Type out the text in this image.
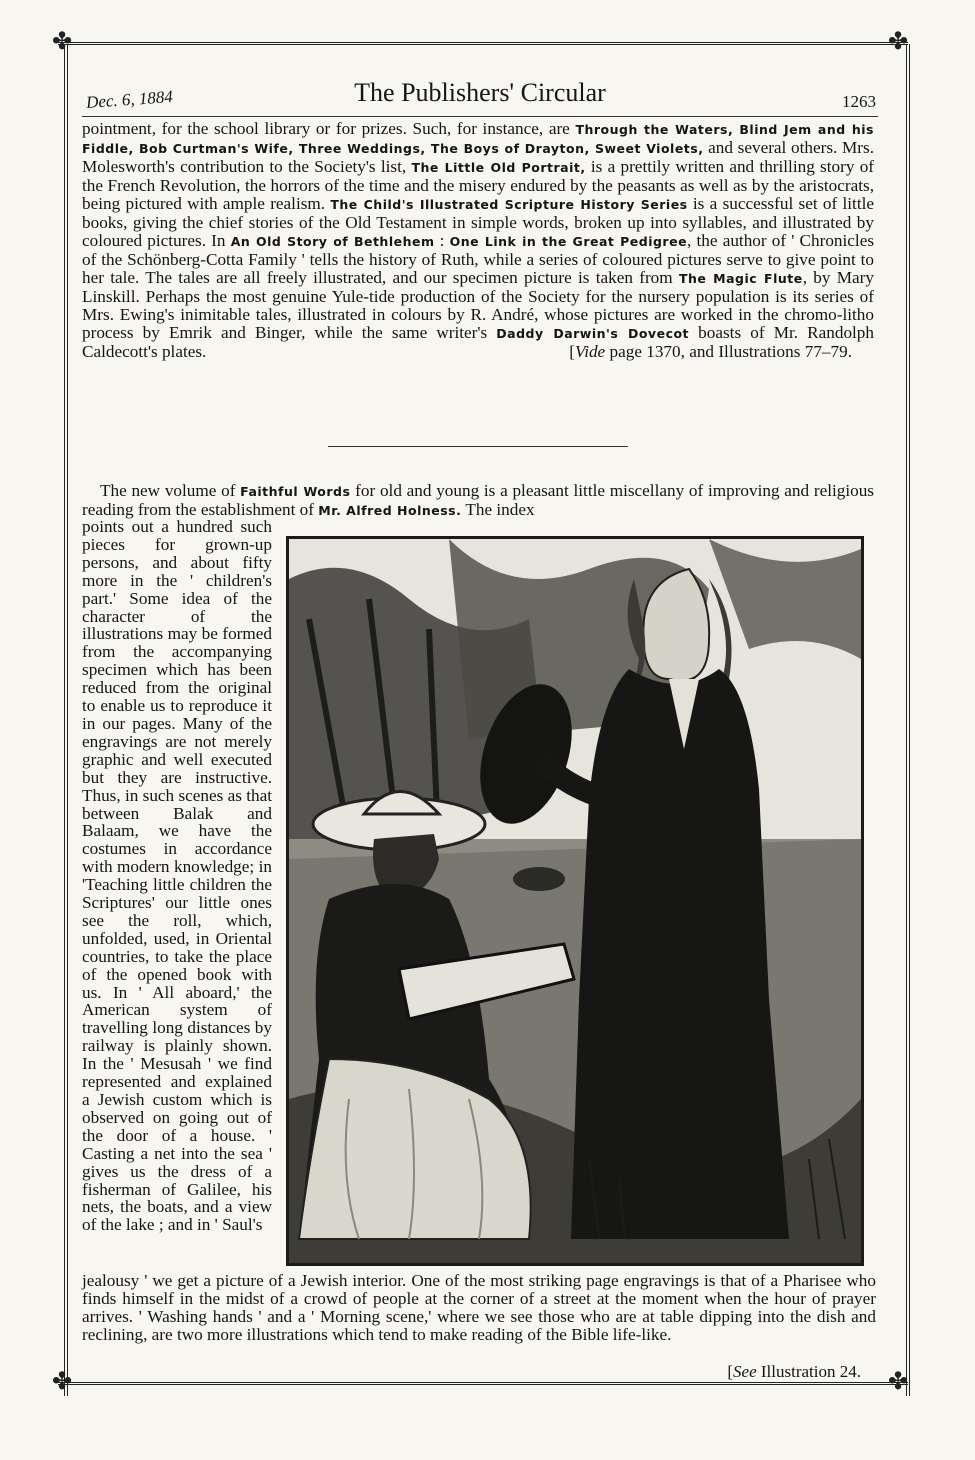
✤	✤
✤	✤
Dec. 6, 1884	The Publishers' Circular	1263

pointment, for the school library or for prizes. Such, for instance, are Through the Waters, Blind Jem and his Fiddle, Bob Curtman's Wife, Three Weddings, The Boys of Drayton, Sweet Violets, and several others. Mrs. Molesworth's contribution to the Society's list, The Little Old Portrait, is a prettily written and thrilling story of the French Revolution, the horrors of the time and the misery endured by the peasants as well as by the aristocrats, being pictured with ample realism. The Child's Illustrated Scripture History Series is a successful set of little books, giving the chief stories of the Old Testament in simple words, broken up into syllables, and illustrated by coloured pictures. In An Old Story of Bethlehem : One Link in the Great Pedigree, the author of ' Chronicles of the Schönberg-Cotta Family ' tells the history of Ruth, while a series of coloured pictures serve to give point to her tale. The tales are all freely illustrated, and our specimen picture is taken from The Magic Flute, by Mary Linskill. Perhaps the most genuine Yule-tide production of the Society for the nursery population is its series of Mrs. Ewing's inimitable tales, illustrated in colours by R. André, whose pictures are worked in the chromo-litho process by Emrik and Binger, while the same writer's Daddy Darwin's Dovecot boasts of Mr. Randolph Caldecott's plates.	[Vide page 1370, and Illustrations 77–79.

The new volume of Faithful Words for old and young is a pleasant little miscellany of improving and religious reading from the establishment of Mr. Alfred Holness. The index

points out a hundred such pieces for grown-up persons, and about fifty more in the ' children's part.' Some idea of the character of the illustrations may be formed from the accompanying specimen which has been reduced from the original to enable us to reproduce it in our pages. Many of the engravings are not merely graphic and well executed but they are instructive. Thus, in such scenes as that between Balak and Balaam, we have the costumes in accordance with modern knowledge; in 'Teaching little children the Scriptures' our little ones see the roll, which, unfolded, used, in Oriental countries, to take the place of the opened book with us. In ' All aboard,' the American system of travelling long distances by railway is plainly shown. In the ' Mesusah ' we find represented and explained a Jewish custom which is observed on going out of the door of a house. ' Casting a net into the sea ' gives us the dress of a fisherman of Galilee, his nets, the boats, and a view of the lake ; and in ' Saul's

jealousy ' we get a picture of a Jewish interior. One of the most striking page engravings is that of a Pharisee who finds himself in the midst of a crowd of people at the corner of a street at the moment when the hour of prayer arrives. ' Washing hands ' and a ' Morning scene,' where we see those who are at table dipping into the dish and reclining, are two more illustrations which tend to make reading of the Bible life-like.

[See Illustration 24.
